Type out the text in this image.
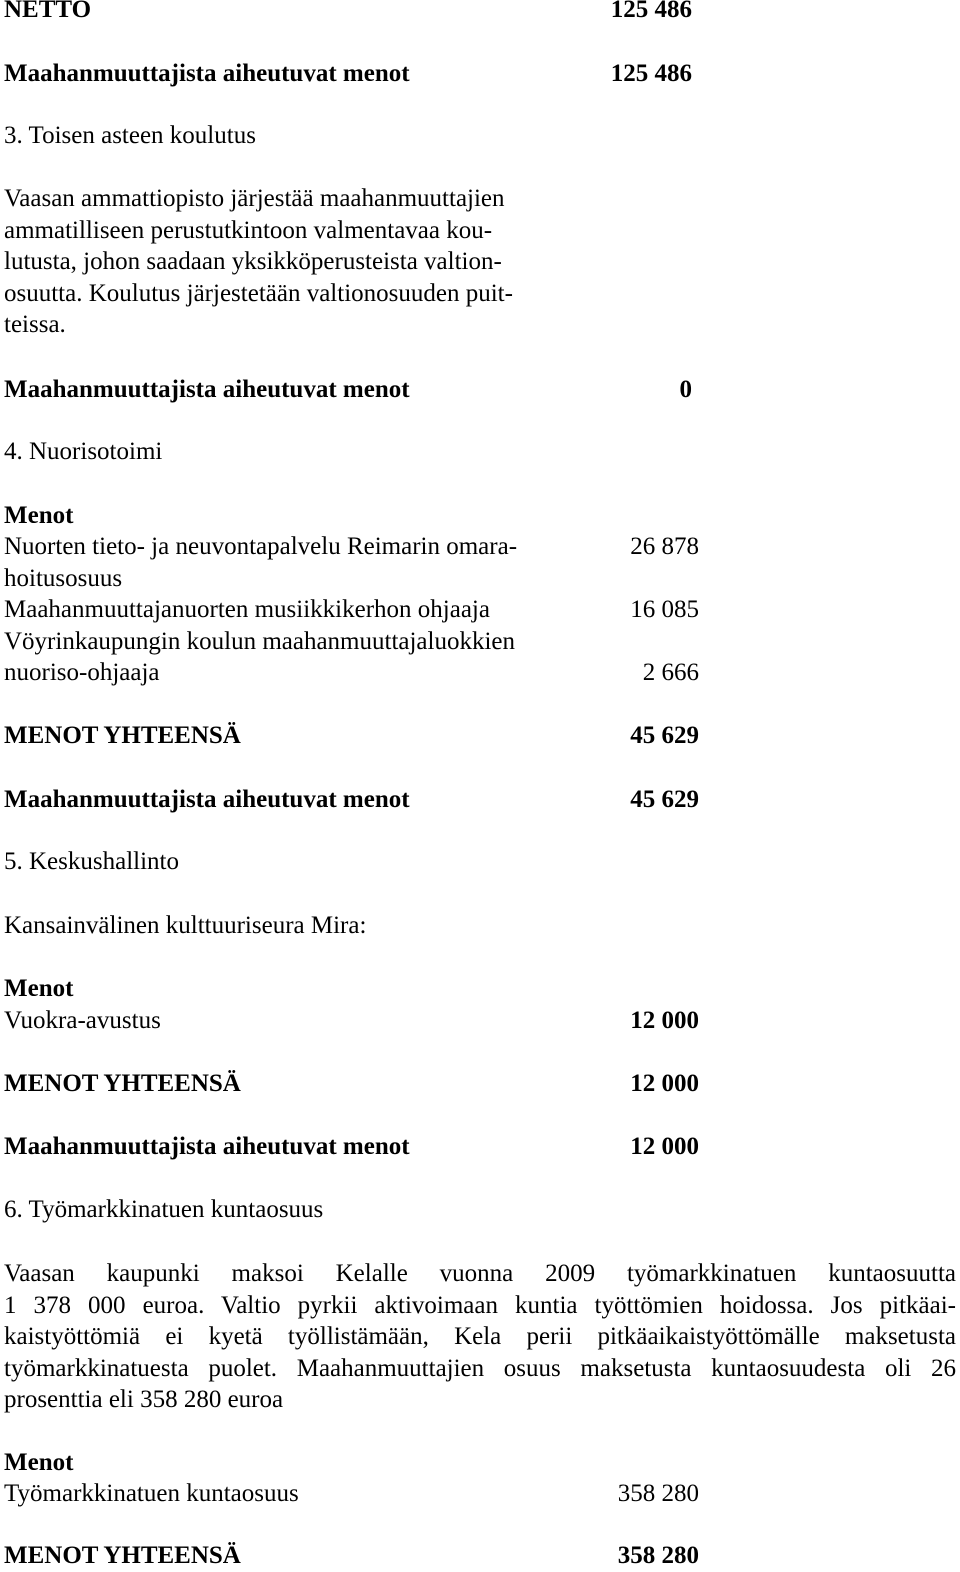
NETTO	125 486
Maahanmuuttajista aiheutuvat menot	125 486
3. Toisen asteen koulutus
Vaasan ammattiopisto järjestää maahanmuuttajien
ammatilliseen perustutkintoon valmentavaa kou-
lutusta, johon saadaan yksikköperusteista valtion-
osuutta. Koulutus järjestetään valtionosuuden puit-
teissa.
Maahanmuuttajista aiheutuvat menot	0
4. Nuorisotoimi
Menot
Nuorten tieto- ja neuvontapalvelu Reimarin omara-	26 878
hoitusosuus
Maahanmuuttajanuorten musiikkikerhon ohjaaja	16 085
Vöyrinkaupungin koulun maahanmuuttajaluokkien
nuoriso-ohjaaja	2 666
MENOT YHTEENSÄ	45 629
Maahanmuuttajista aiheutuvat menot	45 629
5. Keskushallinto
Kansainvälinen kulttuuriseura Mira:
Menot
Vuokra-avustus	12 000
MENOT YHTEENSÄ	12 000
Maahanmuuttajista aiheutuvat menot	12 000
6. Työmarkkinatuen kuntaosuus
Vaasan kaupunki maksoi Kelalle vuonna 2009 työmarkkinatuen kuntaosuutta
1 378 000 euroa. Valtio pyrkii aktivoimaan kuntia työttömien hoidossa. Jos pitkäai-
kaistyöttömiä ei kyetä työllistämään, Kela perii pitkäaikaistyöttömälle maksetusta
työmarkkinatuesta puolet. Maahanmuuttajien osuus maksetusta kuntaosuudesta oli 26
prosenttia eli 358 280 euroa
Menot
Työmarkkinatuen kuntaosuus	358 280
MENOT YHTEENSÄ	358 280
